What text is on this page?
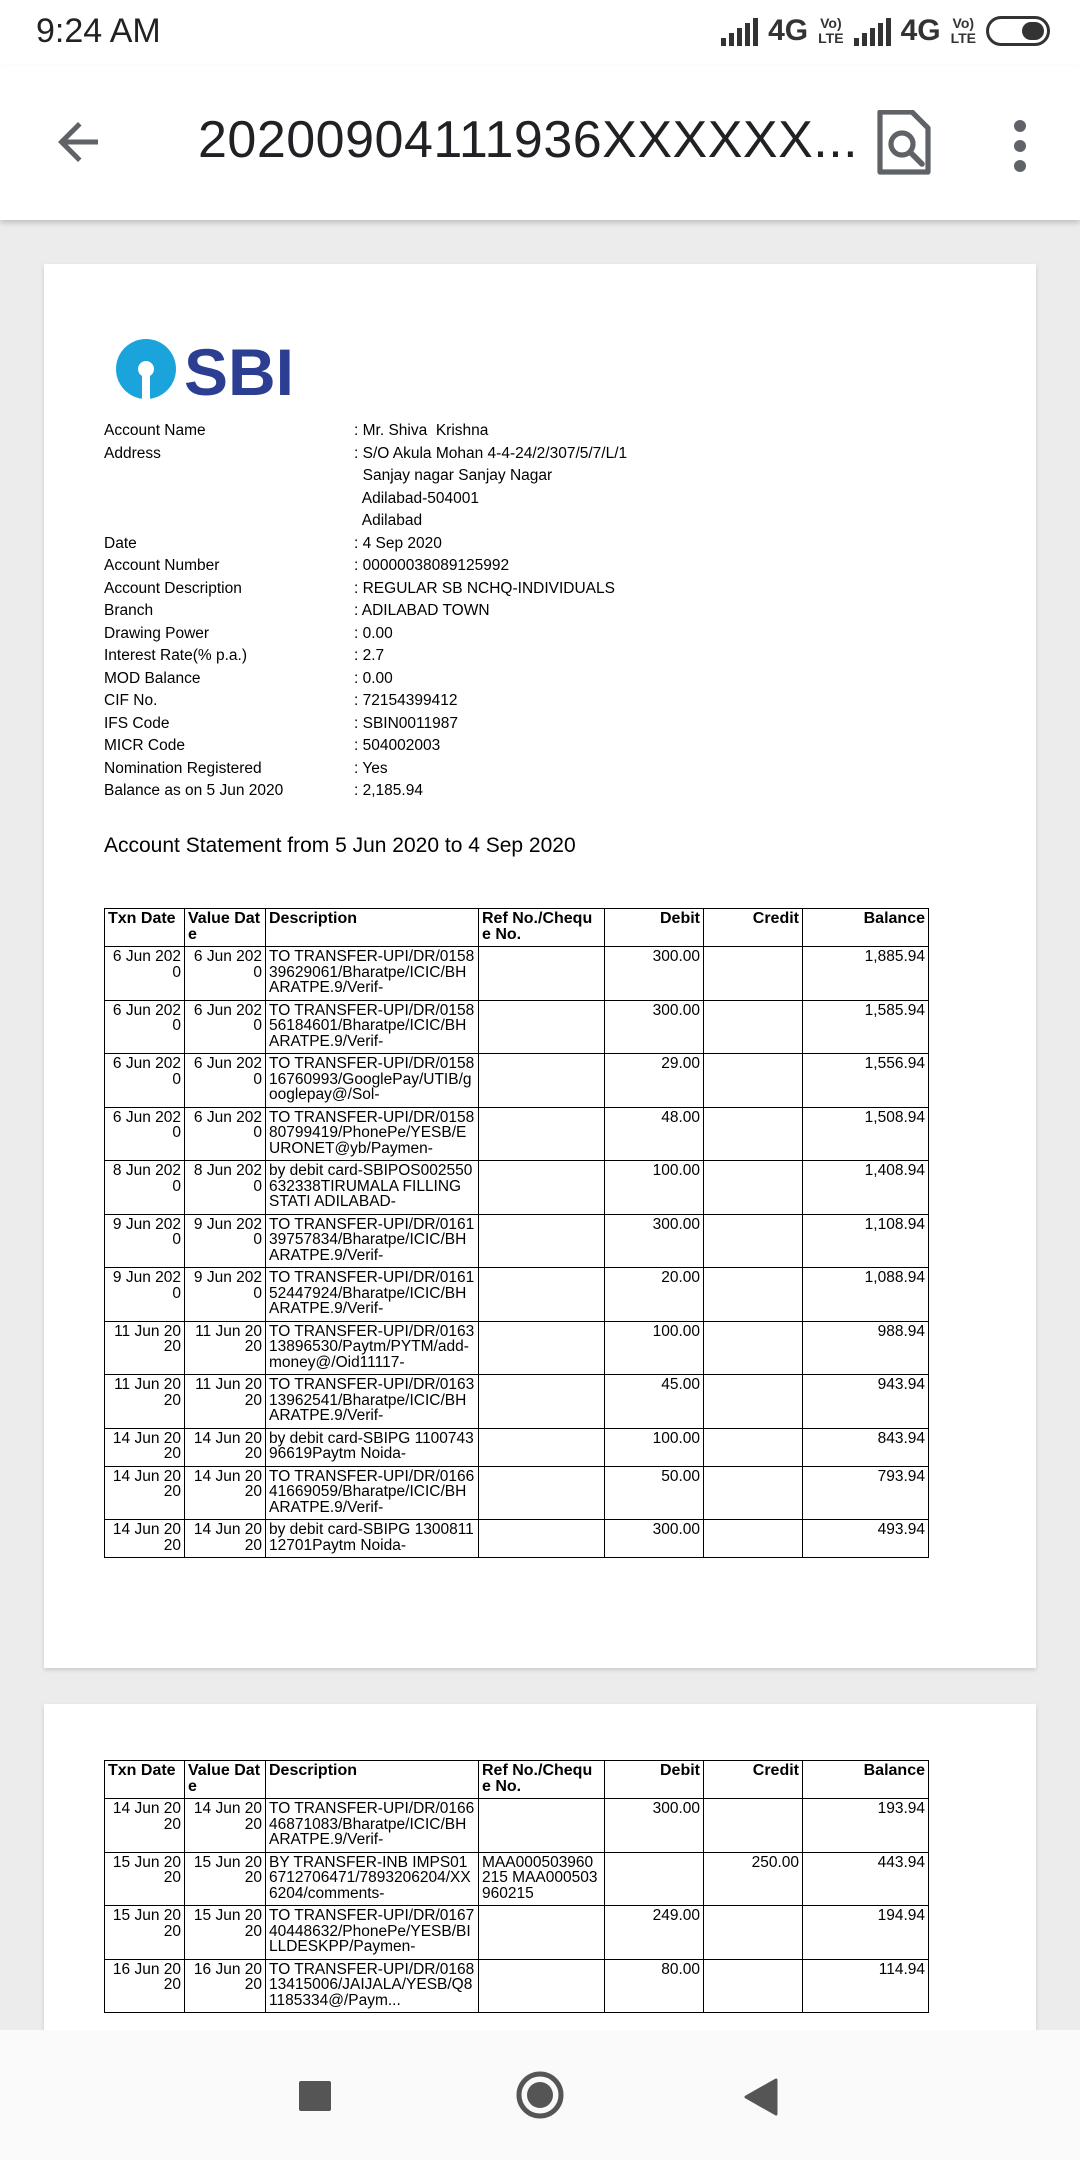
9:24 AM	4G Vo)
LTE 4G Vo)
LTE
20200904111936XXXXXX...
SBI
Account Name	: Mr. Shiva  Krishna
Address	: S/O Akula Mohan 4-4-24/2/307/5/7/L/1
Sanjay nagar Sanjay Nagar
Adilabad-504001
Adilabad
Date	: 4 Sep 2020
Account Number	: 00000038089125992
Account Description	: REGULAR SB NCHQ-INDIVIDUALS
Branch	: ADILABAD TOWN
Drawing Power	: 0.00
Interest Rate(% p.a.)	: 2.7
MOD Balance	: 0.00
CIF No.	: 72154399412
IFS Code	: SBIN0011987
MICR Code	: 504002003
Nomination Registered	: Yes
Balance as on 5 Jun 2020	: 2,185.94
Account Statement from 5 Jun 2020 to 4 Sep 2020
Txn Date	Value Date	Description	Ref No./Cheque No.	Debit	Credit	Balance
6 Jun 2020	6 Jun 2020	TO TRANSFER-UPI/DR/015839629061/Bharatpe/ICIC/BHARATPE.9/Verif-		300.00		1,885.94
6 Jun 2020	6 Jun 2020	TO TRANSFER-UPI/DR/015856184601/Bharatpe/ICIC/BHARATPE.9/Verif-		300.00		1,585.94
6 Jun 2020	6 Jun 2020	TO TRANSFER-UPI/DR/015816760993/GooglePay/UTIB/googlepay@/Sol-		29.00		1,556.94
6 Jun 2020	6 Jun 2020	TO TRANSFER-UPI/DR/015880799419/PhonePe/YESB/EURONET@yb/Paymen-		48.00		1,508.94
8 Jun 2020	8 Jun 2020	by debit card-SBIPOS002550632338TIRUMALA FILLING STATI ADILABAD-		100.00		1,408.94
9 Jun 2020	9 Jun 2020	TO TRANSFER-UPI/DR/016139757834/Bharatpe/ICIC/BHARATPE.9/Verif-		300.00		1,108.94
9 Jun 2020	9 Jun 2020	TO TRANSFER-UPI/DR/016152447924/Bharatpe/ICIC/BHARATPE.9/Verif-		20.00		1,088.94
11 Jun 2020	11 Jun 2020	TO TRANSFER-UPI/DR/016313896530/Paytm/PYTM/add-money@/Oid11117-		100.00		988.94
11 Jun 2020	11 Jun 2020	TO TRANSFER-UPI/DR/016313962541/Bharatpe/ICIC/BHARATPE.9/Verif-		45.00		943.94
14 Jun 2020	14 Jun 2020	by debit card-SBIPG 110074396619Paytm Noida-		100.00		843.94
14 Jun 2020	14 Jun 2020	TO TRANSFER-UPI/DR/016641669059/Bharatpe/ICIC/BHARATPE.9/Verif-		50.00		793.94
14 Jun 2020	14 Jun 2020	by debit card-SBIPG 130081112701Paytm Noida-		300.00		493.94
Txn Date	Value Date	Description	Ref No./Cheque No.	Debit	Credit	Balance
14 Jun 2020	14 Jun 2020	TO TRANSFER-UPI/DR/016646871083/Bharatpe/ICIC/BHARATPE.9/Verif-		300.00		193.94
15 Jun 2020	15 Jun 2020	BY TRANSFER-INB IMPS016712706471/7893206204/XX6204/comments-	MAA000503960215 MAA000503960215		250.00	443.94
15 Jun 2020	15 Jun 2020	TO TRANSFER-UPI/DR/016740448632/PhonePe/YESB/BILLDESKPP/Paymen-		249.00		194.94
16 Jun 2020	16 Jun 2020	TO TRANSFER-UPI/DR/016813415006/JAIJALA/YESB/Q81185334@/Paym...		80.00		114.94
